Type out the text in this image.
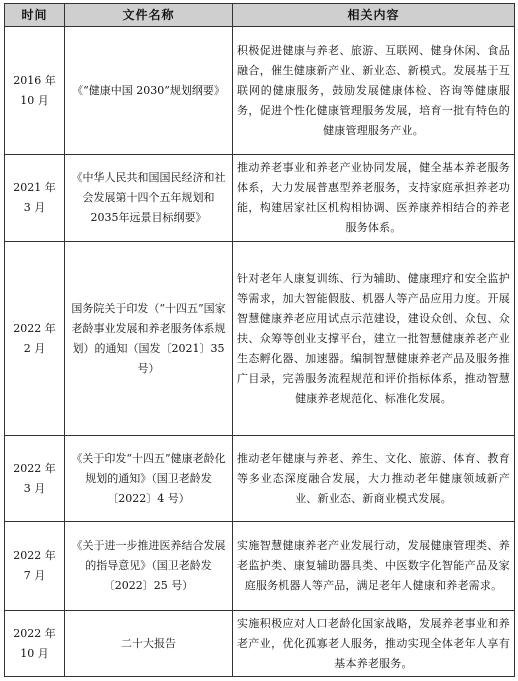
时间	文件名称	相关内容
2016 年 10 月	《“健康中国 2030”规划纲要》	积极促进健康与养老、旅游、互联网、健身休闲、食品融合，催生健康新产业、新业态、新模式。发展基于互联网的健康服务，鼓励发展健康体检、咨询等健康服务，促进个性化健康管理服务发展，培育一批有特色的健康管理服务产业。
2021 年 3 月	《中华人民共和国国民经济和社会发展第十四个五年规划和2035年远景目标纲要》	推动养老事业和养老产业协同发展，健全基本养老服务体系，大力发展普惠型养老服务，支持家庭承担养老功能，构建居家社区机构相协调、医养康养相结合的养老服务体系。
2022 年 2 月	国务院关于印发（“十四五”国家老龄事业发展和养老服务体系规划）的通知（国发〔2021〕35 号）	针对老年人康复训练、行为辅助、健康理疗和安全监护等需求，加大智能假肢、机器人等产品应用力度。开展智慧健康养老应用试点示范建设，建设众创、众包、众扶、众筹等创业支撑平台，建立一批智慧健康养老产业生态孵化器、加速器。编制智慧健康养老产品及服务推广目录，完善服务流程规范和评价指标体系，推动智慧健康养老规范化、标准化发展。
2022 年 3 月	《关于印发“十四五”健康老龄化规划的通知》（国卫老龄发〔2022〕4 号）	推动老年健康与养老、养生、文化、旅游、体育、教育等多业态深度融合发展，大力推动老年健康领域新产业、新业态、新商业模式发展。
2022 年 7 月	《关于进一步推进医养结合发展的指导意见》（国卫老龄发〔2022〕25 号）	实施智慧健康养老产业发展行动，发展健康管理类、养老监护类、康复辅助器具类、中医数字化智能产品及家庭服务机器人等产品，满足老年人健康和养老需求。
2022 年 10 月	二十大报告	实施积极应对人口老龄化国家战略，发展养老事业和养老产业，优化孤寡老人服务，推动实现全体老年人享有基本养老服务。
